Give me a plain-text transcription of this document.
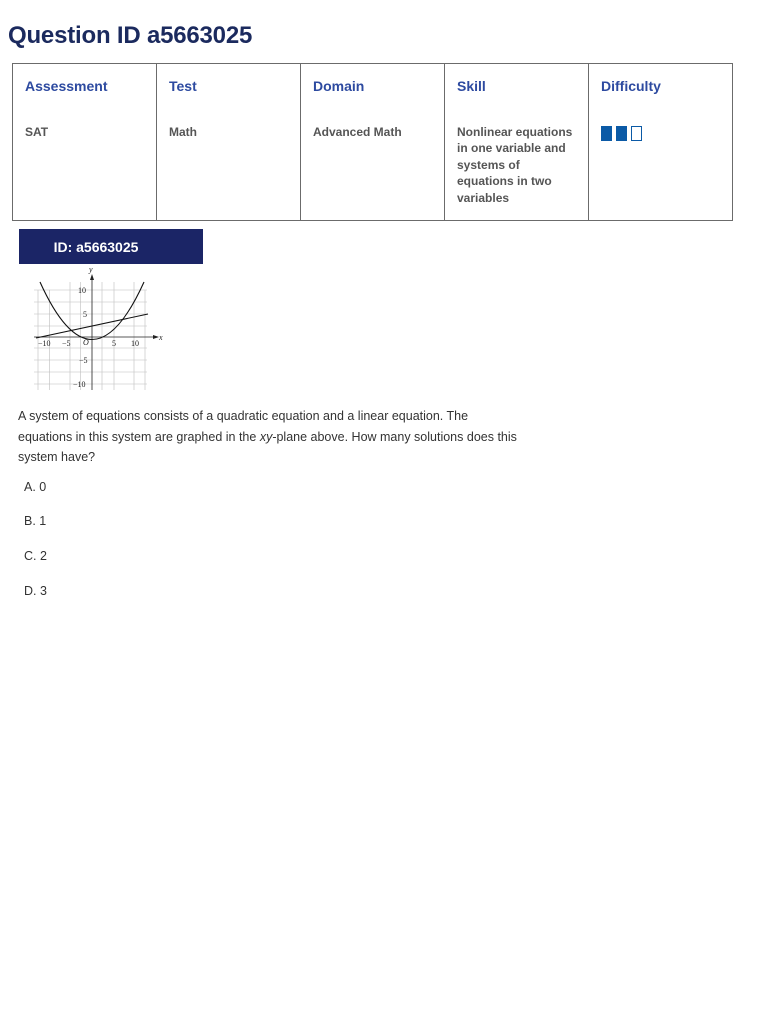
Question ID a5663025
Assessment	Test	Domain	Skill	Difficulty
SAT	Math	Advanced Math	Nonlinear equations in one variable and systems of equations in two variables	
ID: a5663025
x
y
O
−10 −5	5 10
10
5
−5
−10

A system of equations consists of a quadratic equation and a linear equation. The equations in this system are graphed in the xy-plane above. How many solutions does this system have?

A. 0

B. 1

C. 2

D. 3
